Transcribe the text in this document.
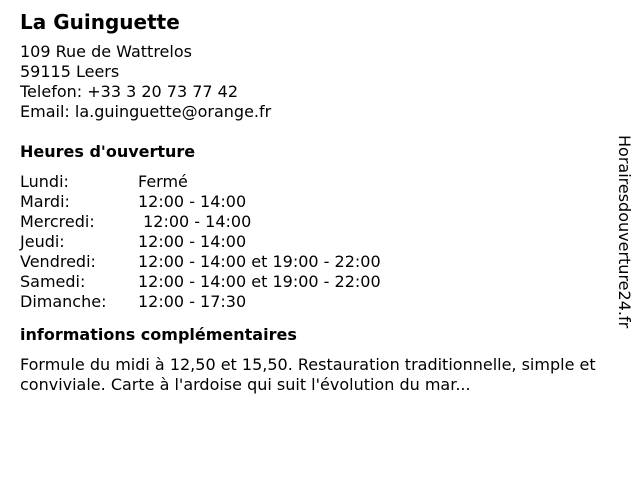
La Guinguette
109 Rue de Wattrelos
59115 Leers
Telefon: +33 3 20 73 77 42
Email: la.guinguette@orange.fr
Heures d'ouverture
Lundi:	Fermé
Mardi:	12:00 - 14:00
Mercredi:	12:00 - 14:00
Jeudi:	12:00 - 14:00
Vendredi:	12:00 - 14:00 et 19:00 - 22:00
Samedi:	12:00 - 14:00 et 19:00 - 22:00
Dimanche:	12:00 - 17:30
informations complémentaires

Formule du midi à 12,50 et 15,50. Restauration traditionnelle, simple et conviviale. Carte à l'ardoise qui suit l'évolution du mar...

Horairesdouverture24.fr
